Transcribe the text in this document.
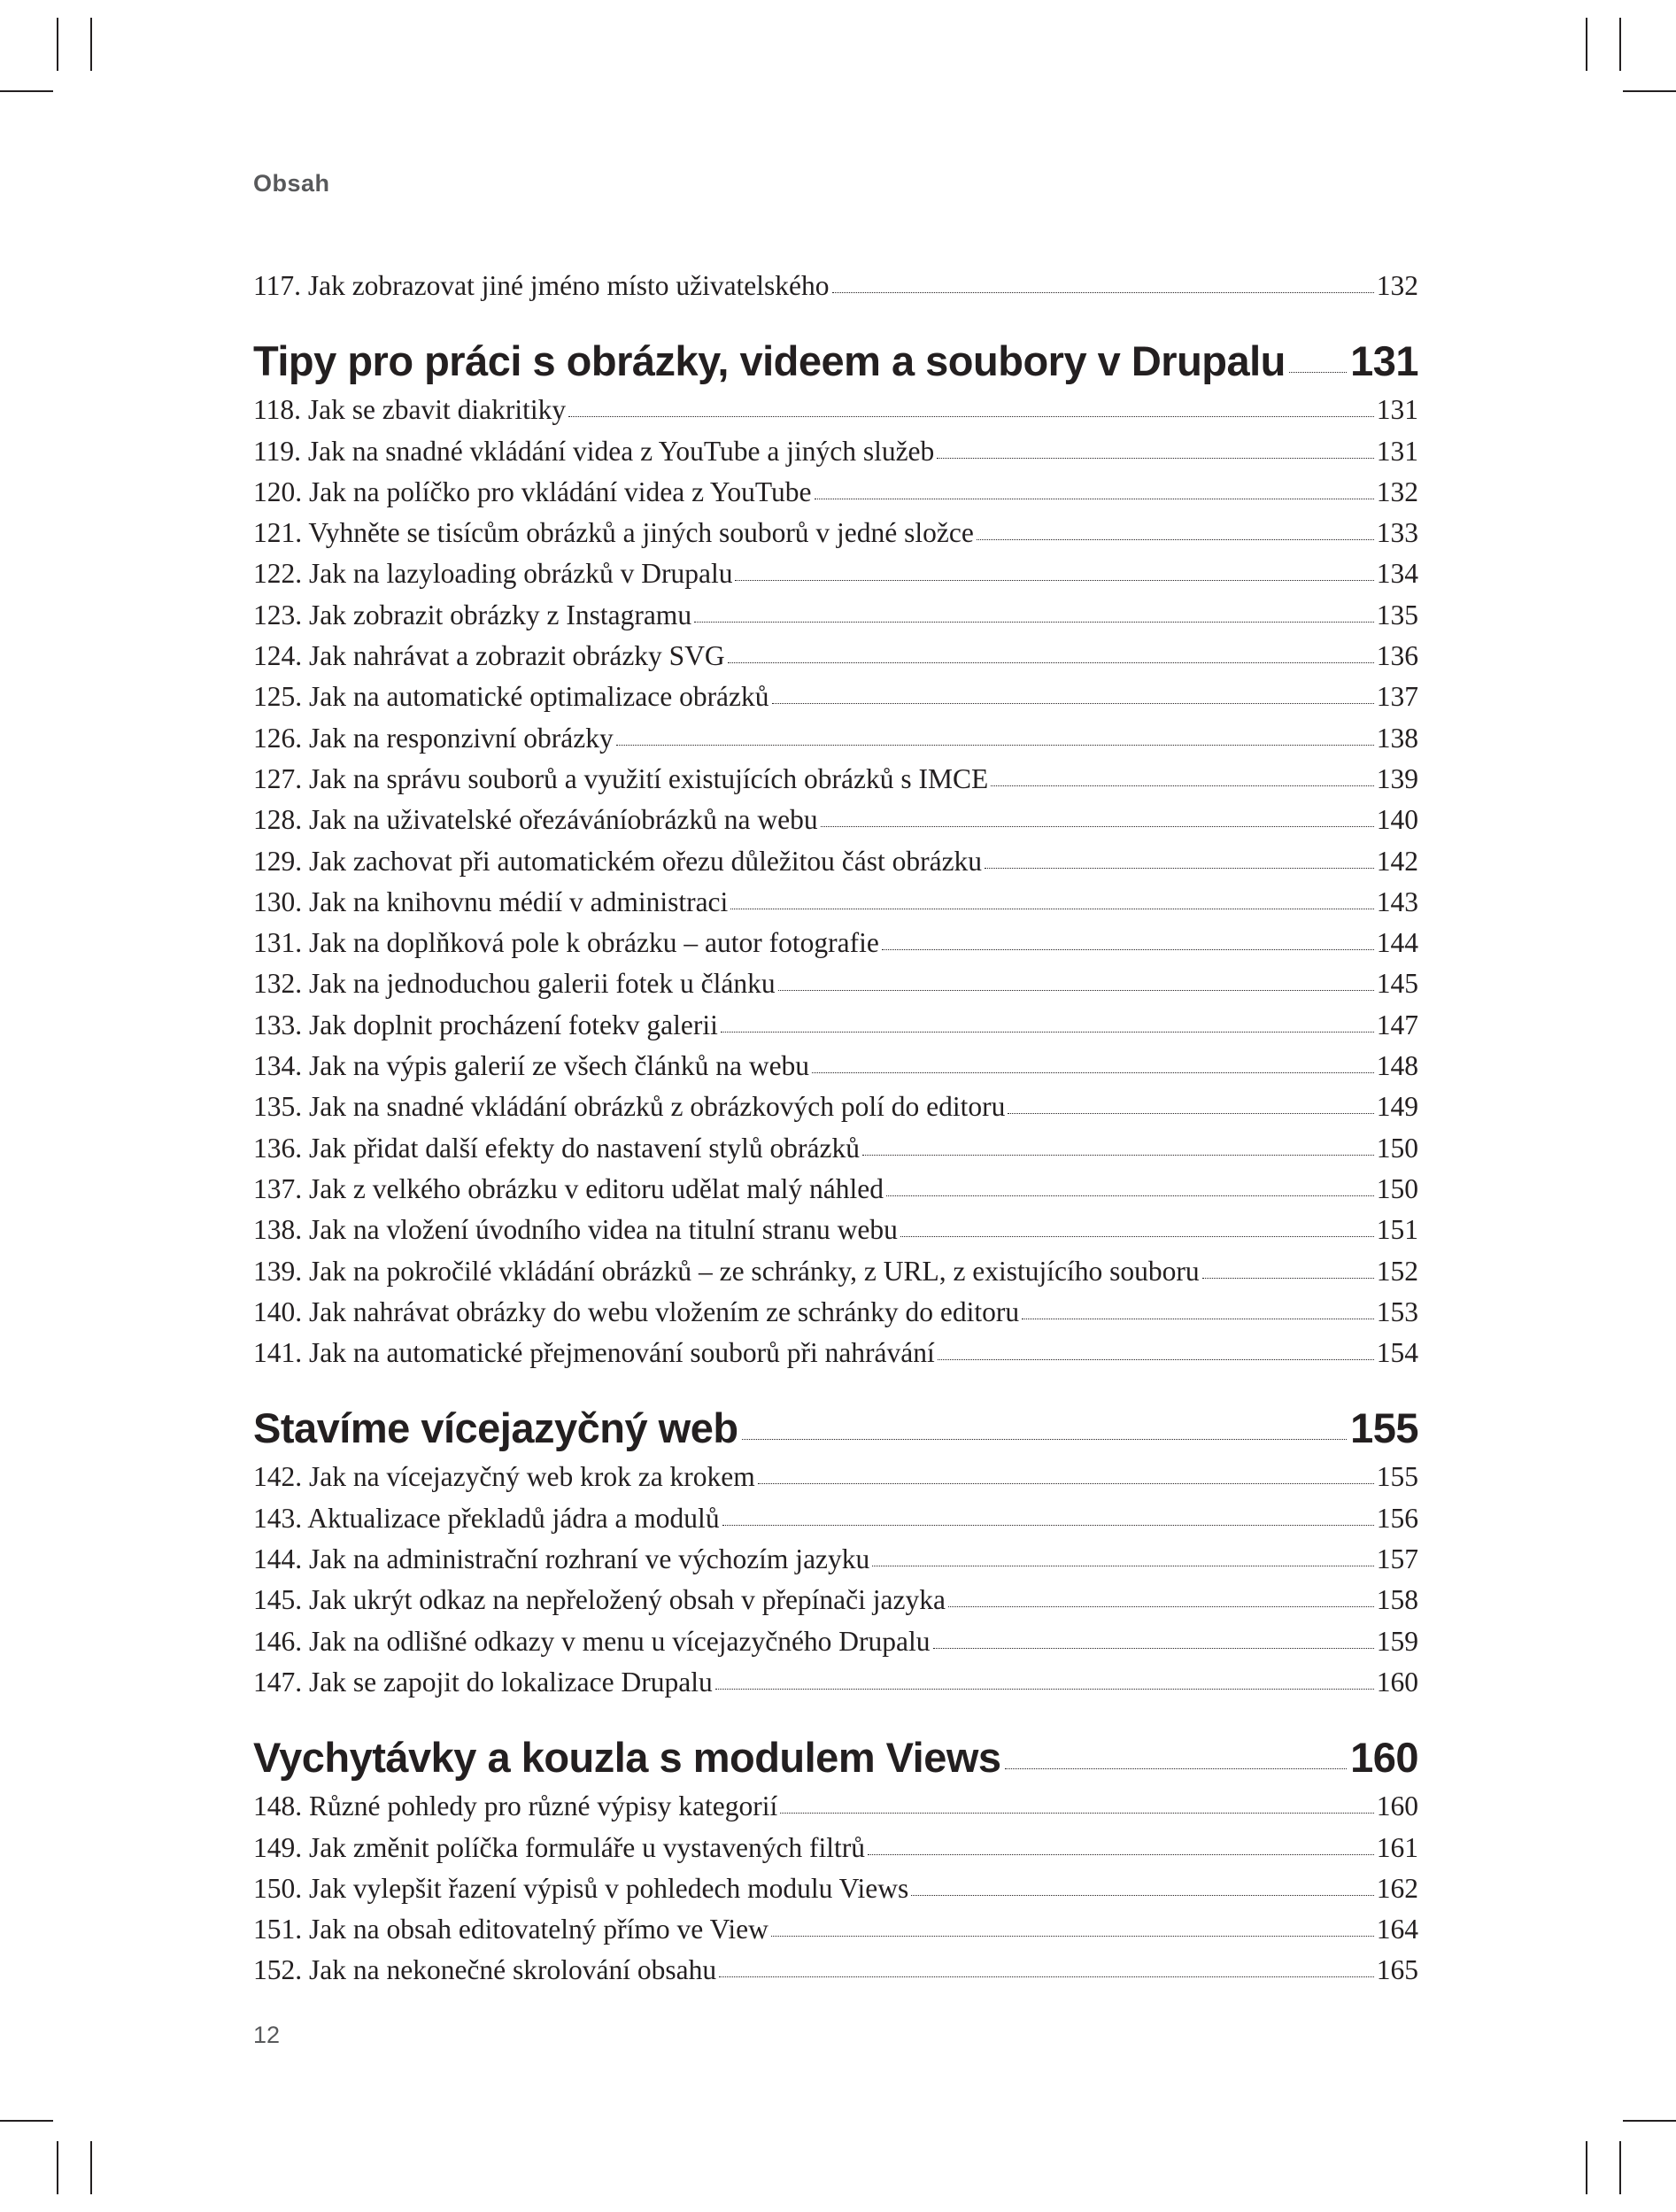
Obsah
117. Jak zobrazovat jiné jméno místo uživatelského	132
Tipy pro práci s obrázky, videem a soubory v Drupalu 131
118. Jak se zbavit diakritiky	131
119. Jak na snadné vkládání videa z YouTube a jiných služeb	131
120. Jak na políčko pro vkládání videa z YouTube	132
121. Vyhněte se tisícům obrázků a jiných souborů v jedné složce	133
122. Jak na lazyloading obrázků v Drupalu	134
123. Jak zobrazit obrázky z Instagramu	135
124. Jak nahrávat a zobrazit obrázky SVG	136
125. Jak na automatické optimalizace obrázků	137
126. Jak na responzivní obrázky	138
127. Jak na správu souborů a využití existujících obrázků s IMCE	139
128. Jak na uživatelské ořezáváníobrázků na webu	140
129. Jak zachovat při automatickém ořezu důležitou část obrázku	142
130. Jak na knihovnu médií v administraci	143
131. Jak na doplňková pole k obrázku – autor fotografie	144
132. Jak na jednoduchou galerii fotek u článku	145
133. Jak doplnit procházení fotekv galerii	147
134. Jak na výpis galerií ze všech článků na webu	148
135. Jak na snadné vkládání obrázků z obrázkových polí do editoru	149
136. Jak přidat další efekty do nastavení stylů obrázků	150
137. Jak z velkého obrázku v editoru udělat malý náhled	150
138. Jak na vložení úvodního videa na titulní stranu webu	151
139. Jak na pokročilé vkládání obrázků – ze schránky, z URL, z existujícího souboru	152
140. Jak nahrávat obrázky do webu vložením ze schránky do editoru	153
141. Jak na automatické přejmenování souborů při nahrávání	154
Stavíme vícejazyčný web	155
142. Jak na vícejazyčný web krok za krokem	155
143. Aktualizace překladů jádra a modulů	156
144. Jak na administrační rozhraní ve výchozím jazyku	157
145. Jak ukrýt odkaz na nepřeložený obsah v přepínači jazyka	158
146. Jak na odlišné odkazy v menu u vícejazyčného Drupalu	159
147. Jak se zapojit do lokalizace Drupalu	160
Vychytávky a kouzla s modulem Views	160
148. Různé pohledy pro různé výpisy kategorií	160
149. Jak změnit políčka formuláře u vystavených filtrů	161
150. Jak vylepšit řazení výpisů v pohledech modulu Views	162
151. Jak na obsah editovatelný přímo ve View	164
152. Jak na nekonečné skrolování obsahu	165
12
